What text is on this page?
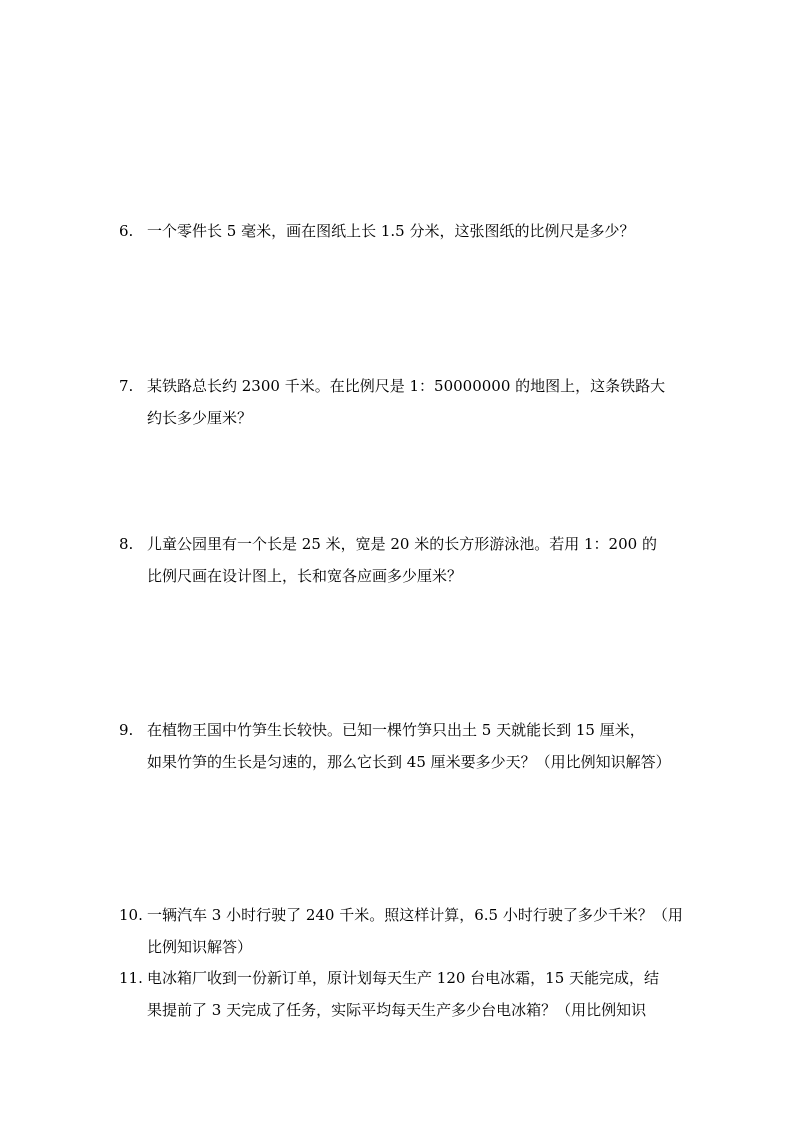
6. 一个零件长 5 毫米，画在图纸上长 1.5 分米，这张图纸的比例尺是多少？
7. 某铁路总长约 2300 千米。在比例尺是 1：50000000 的地图上，这条铁路大
约长多少厘米？
8. 儿童公园里有一个长是 25 米，宽是 20 米的长方形游泳池。若用 1：200 的
比例尺画在设计图上，长和宽各应画多少厘米？
9. 在植物王国中竹笋生长较快。已知一棵竹笋只出土 5 天就能长到 15 厘米，
如果竹笋的生长是匀速的，那么它长到 45 厘米要多少天？（用比例知识解答）
10. 一辆汽车 3 小时行驶了 240 千米。照这样计算，6.5 小时行驶了多少千米？（用
比例知识解答）
11. 电冰箱厂收到一份新订单，原计划每天生产 120 台电冰霜，15 天能完成，结
果提前了 3 天完成了任务，实际平均每天生产多少台电冰箱？（用比例知识
